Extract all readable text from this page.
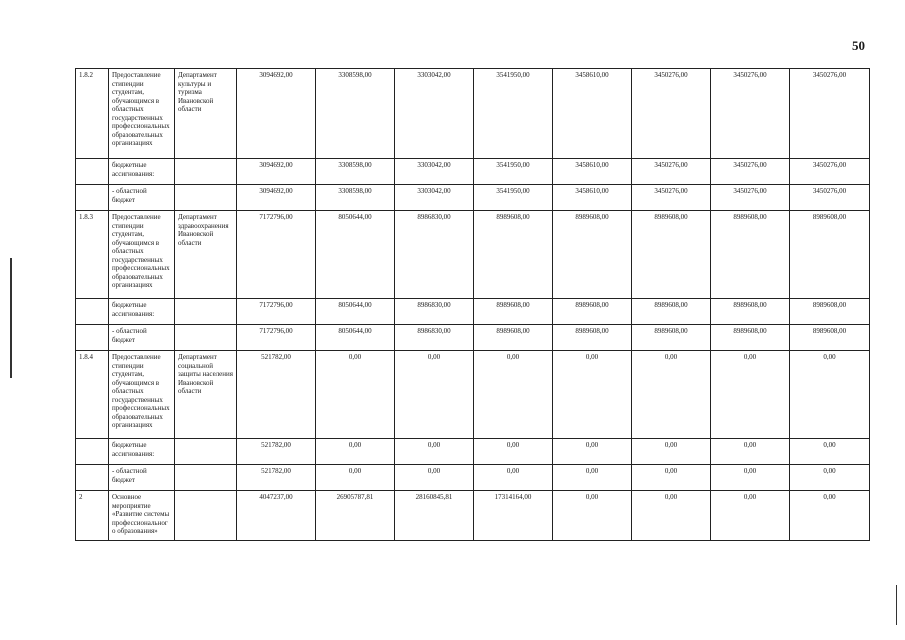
50
1.8.2	Предоставление стипендии студентам, обучающимся в областных государственных профессиональных образовательных организациях	Департамент культуры и туризма Ивановской области	3094692,00	3308598,00	3303042,00	3541950,00	3458610,00	3450276,00	3450276,00	3450276,00	
	бюджетные ассигнования:		3094692,00	3308598,00	3303042,00	3541950,00	3458610,00	3450276,00	3450276,00	3450276,00	
	- областной бюджет		3094692,00	3308598,00	3303042,00	3541950,00	3458610,00	3450276,00	3450276,00	3450276,00	
1.8.3	Предоставление стипендии студентам, обучающимся в областных государственных профессиональных образовательных организациях	Департамент здравоохранения Ивановской области	7172796,00	8050644,00	8986830,00	8989608,00	8989608,00	8989608,00	8989608,00	8989608,00	
	бюджетные ассигнования:		7172796,00	8050644,00	8986830,00	8989608,00	8989608,00	8989608,00	8989608,00	8989608,00	
	- областной бюджет		7172796,00	8050644,00	8986830,00	8989608,00	8989608,00	8989608,00	8989608,00	8989608,00	
1.8.4	Предоставление стипендии студентам, обучающимся в областных государственных профессиональных образовательных организациях	Департамент социальной защиты населения Ивановской области	521782,00	0,00	0,00	0,00	0,00	0,00	0,00	0,00	
	бюджетные ассигнования:		521782,00	0,00	0,00	0,00	0,00	0,00	0,00	0,00	
	- областной бюджет		521782,00	0,00	0,00	0,00	0,00	0,00	0,00	0,00	
2	Основное мероприятие «Развитие системы профессионального образования»		4047237,00	26905787,81	28160845,81	17314164,00	0,00	0,00	0,00	0,00	
